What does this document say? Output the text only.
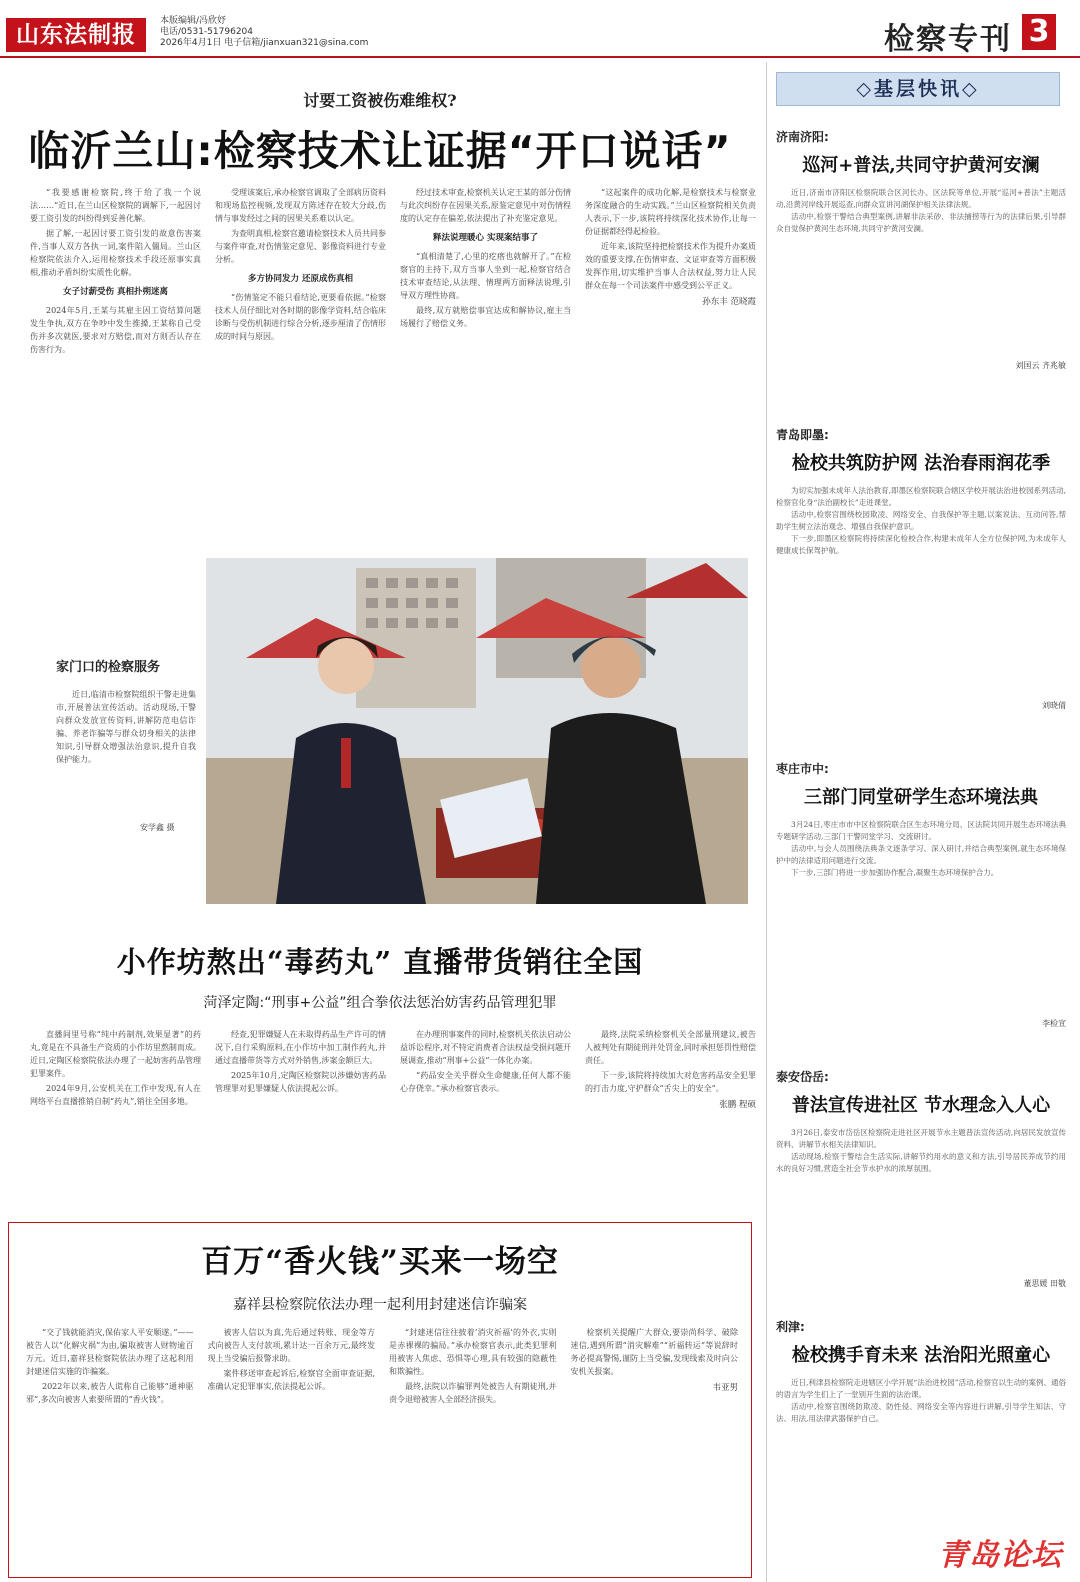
山东法制报	本版编辑/冯欣妤
电话/0531-51796204
2026年4月1日 电子信箱/jianxuan321@sina.com	检察专刊 3
讨要工资被伤难维权?
临沂兰山:检察技术让证据“开口说话”

“我要感谢检察院,终于给了我一个说法……”近日,在兰山区检察院的调解下,一起因讨要工资引发的纠纷得到妥善化解。

据了解,一起因讨要工资引发的故意伤害案件,当事人双方各执一词,案件陷入僵局。兰山区检察院依法介入,运用检察技术手段还原事实真相,推动矛盾纠纷实质性化解。

女子讨薪受伤 真相扑朔迷离

2024年5月,王某与其雇主因工资结算问题发生争执,双方在争吵中发生推搡,王某称自己受伤并多次就医,要求对方赔偿,而对方则否认存在伤害行为。

受理该案后,承办检察官调取了全部病历资料和现场监控视频,发现双方陈述存在较大分歧,伤情与事发经过之间的因果关系难以认定。

为查明真相,检察官邀请检察技术人员共同参与案件审查,对伤情鉴定意见、影像资料进行专业分析。

多方协同发力 还原成伤真相

“伤情鉴定不能只看结论,更要看依据。”检察技术人员仔细比对各时期的影像学资料,结合临床诊断与受伤机制进行综合分析,逐步厘清了伤情形成的时间与原因。

经过技术审查,检察机关认定王某的部分伤情与此次纠纷存在因果关系,原鉴定意见中对伤情程度的认定存在偏差,依法提出了补充鉴定意见。

释法说理暖心 实现案结事了

“真相清楚了,心里的疙瘩也就解开了。”在检察官的主持下,双方当事人坐到一起,检察官结合技术审查结论,从法理、情理两方面释法说理,引导双方理性协商。

最终,双方就赔偿事宜达成和解协议,雇主当场履行了赔偿义务。

“这起案件的成功化解,是检察技术与检察业务深度融合的生动实践。”兰山区检察院相关负责人表示,下一步,该院将持续深化技术协作,让每一份证据都经得起检验。

近年来,该院坚持把检察技术作为提升办案质效的重要支撑,在伤情审查、文证审查等方面积极发挥作用,切实维护当事人合法权益,努力让人民群众在每一个司法案件中感受到公平正义。

孙东丰 范晓霞
家门口的检察服务

近日,临清市检察院组织干警走进集市,开展普法宣传活动。活动现场,干警向群众发放宣传资料,讲解防范电信诈骗、养老诈骗等与群众切身相关的法律知识,引导群众增强法治意识,提升自我保护能力。

安学鑫 摄
小作坊熬出“毒药丸” 直播带货销往全国
菏泽定陶:“刑事+公益”组合拳依法惩治妨害药品管理犯罪

直播间里号称“纯中药制剂,效果显著”的药丸,竟是在不具备生产资质的小作坊里熬制而成。近日,定陶区检察院依法办理了一起妨害药品管理犯罪案件。

2024年9月,公安机关在工作中发现,有人在网络平台直播推销自制“药丸”,销往全国多地。

经查,犯罪嫌疑人在未取得药品生产许可的情况下,自行采购原料,在小作坊中加工制作药丸,并通过直播带货等方式对外销售,涉案金额巨大。

2025年10月,定陶区检察院以涉嫌妨害药品管理罪对犯罪嫌疑人依法提起公诉。

在办理刑事案件的同时,检察机关依法启动公益诉讼程序,对不特定消费者合法权益受损问题开展调查,推动“刑事+公益”一体化办案。

“药品安全关乎群众生命健康,任何人都不能心存侥幸。”承办检察官表示。

最终,法院采纳检察机关全部量刑建议,被告人被判处有期徒刑并处罚金,同时承担惩罚性赔偿责任。

下一步,该院将持续加大对危害药品安全犯罪的打击力度,守护群众“舌尖上的安全”。

张鹏 程硕
百万“香火钱”买来一场空
嘉祥县检察院依法办理一起利用封建迷信诈骗案

“交了钱就能消灾,保佑家人平安顺遂。”——被告人以“化解灾祸”为由,骗取被害人财物逾百万元。近日,嘉祥县检察院依法办理了这起利用封建迷信实施的诈骗案。

2022年以来,被告人谎称自己能够“通神驱邪”,多次向被害人索要所谓的“香火钱”。

被害人信以为真,先后通过转账、现金等方式向被告人支付款项,累计达一百余万元,最终发现上当受骗后报警求助。

案件移送审查起诉后,检察官全面审查证据,准确认定犯罪事实,依法提起公诉。

“封建迷信往往披着‘消灾祈福’的外衣,实则是赤裸裸的骗局。”承办检察官表示,此类犯罪利用被害人焦虑、恐惧等心理,具有较强的隐蔽性和欺骗性。

最终,法院以诈骗罪判处被告人有期徒刑,并责令退赔被害人全部经济损失。

检察机关提醒广大群众,要崇尚科学、破除迷信,遇到所谓“消灾解难”“祈福转运”等说辞时务必提高警惕,谨防上当受骗,发现线索及时向公安机关报案。

韦亚男
◇基层快讯◇
济南济阳:
巡河+普法,共同守护黄河安澜

近日,济南市济阳区检察院联合区河长办、区法院等单位,开展“巡河+普法”主题活动,沿黄河岸线开展巡查,向群众宣讲河湖保护相关法律法规。

活动中,检察干警结合典型案例,讲解非法采砂、非法捕捞等行为的法律后果,引导群众自觉保护黄河生态环境,共同守护黄河安澜。

刘国云 齐兆敏
青岛即墨:
检校共筑防护网 法治春雨润花季

为切实加强未成年人法治教育,即墨区检察院联合辖区学校开展法治进校园系列活动,检察官化身“法治副校长”走进课堂。

活动中,检察官围绕校园欺凌、网络安全、自我保护等主题,以案说法、互动问答,帮助学生树立法治观念、增强自我保护意识。

下一步,即墨区检察院将持续深化检校合作,构建未成年人全方位保护网,为未成年人健康成长保驾护航。

刘晓倩
枣庄市中:
三部门同堂研学生态环境法典

3月24日,枣庄市市中区检察院联合区生态环境分局、区法院共同开展生态环境法典专题研学活动,三部门干警同堂学习、交流研讨。

活动中,与会人员围绕法典条文逐条学习、深入研讨,并结合典型案例,就生态环境保护中的法律适用问题进行交流。

下一步,三部门将进一步加强协作配合,凝聚生态环境保护合力。

李检宣
泰安岱岳:
普法宣传进社区 节水理念入人心

3月26日,泰安市岱岳区检察院走进社区开展节水主题普法宣传活动,向居民发放宣传资料、讲解节水相关法律知识。

活动现场,检察干警结合生活实际,讲解节约用水的意义和方法,引导居民养成节约用水的良好习惯,营造全社会节水护水的浓厚氛围。

董思媛 田敬
利津:
检校携手育未来 法治阳光照童心

近日,利津县检察院走进辖区小学开展“法治进校园”活动,检察官以生动的案例、通俗的语言为学生们上了一堂别开生面的法治课。

活动中,检察官围绕防欺凌、防性侵、网络安全等内容进行讲解,引导学生知法、守法、用法,用法律武器保护自己。

青岛论坛
